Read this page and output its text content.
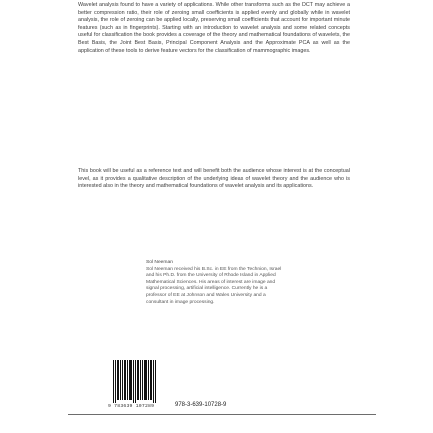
Wavelet analysis found to have a variety of applications. While other transforms such as the DCT may achieve a better compression ratio, their role of zeroing small coefficients is applied evenly and globally while in wavelet analysis, the role of zeroing can be applied locally, preserving small coefficients that account for important minute features (such as in fingerprints). Starting with an introduction to wavelet analysis and some related concepts useful for classification the book provides a coverage of the theory and mathematical foundations of wavelets, the Best Basis, the Joint Best Basis, Principal Component Analysis and the Approximate PCA as well as the application of these tools to derive feature vectors for the classification of mammographic images.

This book will be useful as a reference text and will benefit both the audience whose interest is at the conceptual level, as it provides a qualitative description of the underlying ideas of wavelet theory and the audience who is interested also in the theory and mathematical foundations of wavelet analysis and its applications.

Sol Neeman
Sol Neeman received his B.Sc. in EE from the Technion, Israel and his Ph.D. from the University of Rhode Island in Applied Mathematical Sciences. His areas of interest are image and signal processing, artificial intelligence. Currently he is a professor of EE at Johnson and Wales University and a consultant in image processing.
9 783639 107289	978-3-639-10728-9
